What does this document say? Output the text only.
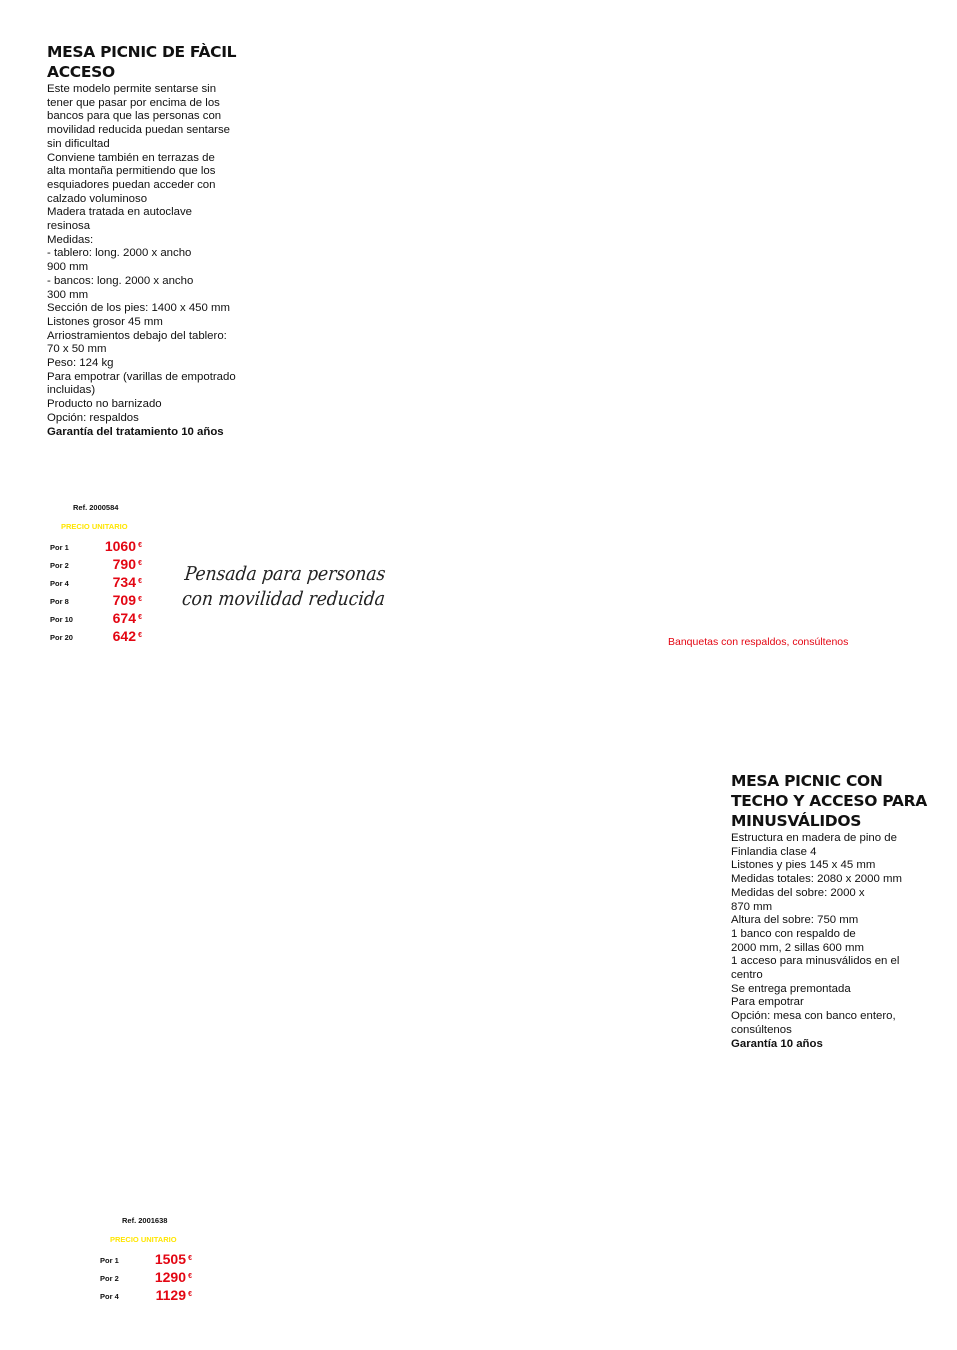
MESA PICNIC DE FÀCIL
ACCESO
Este modelo permite sentarse sin
tener que pasar por encima de los
bancos para que las personas con
movilidad reducida puedan sentarse
sin dificultad
Conviene también en terrazas de
alta montaña permitiendo que los
esquiadores puedan acceder con
calzado voluminoso
Madera tratada en autoclave
resinosa
Medidas:
- tablero: long. 2000 x ancho
900 mm
- bancos: long. 2000 x ancho
300 mm
Sección de los pies: 1400 x 450 mm
Listones grosor 45 mm
Arriostramientos debajo del tablero:
70 x 50 mm
Peso: 124 kg
Para empotrar (varillas de empotrado
incluidas)
Producto no barnizado
Opción: respaldos
Garantía del tratamiento 10 años
Ref. 2000584
PRECIO UNITARIO
Por 1	1060 €
Por 2	790 €
Por 4	734 €
Por 8	709 €
Por 10	674 €
Por 20	642 €
Pensada para personas
con movilidad reducida
Banquetas con respaldos, consúltenos
MESA PICNIC CON
TECHO Y ACCESO PARA
MINUSVÁLIDOS
Estructura en madera de pino de
Finlandia clase 4
Listones y pies 145 x 45 mm
Medidas totales: 2080 x 2000 mm
Medidas del sobre: 2000 x
870 mm
Altura del sobre: 750 mm
1 banco con respaldo de
2000 mm, 2 sillas 600 mm
1 acceso para minusválidos en el
centro
Se entrega premontada
Para empotrar
Opción: mesa con banco entero,
consúltenos
Garantía 10 años
Ref. 2001638
PRECIO UNITARIO
Por 1	1505 €
Por 2	1290 €
Por 4	1129 €
